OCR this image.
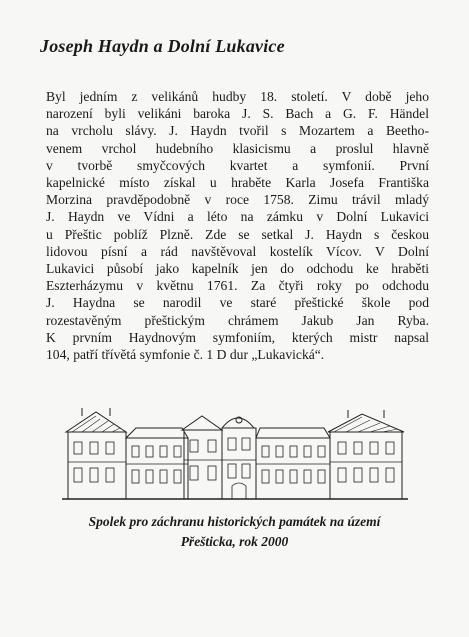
Joseph Haydn a Dolní Lukavice
Byl jedním z velikánů hudby 18. století. V době jeho
narození byli velikáni baroka J. S. Bach a G. F. Händel
na vrcholu slávy. J. Haydn tvořil s Mozartem a Beetho-
venem vrchol hudebního klasicismu a proslul hlavně
v tvorbě smyčcových kvartet a symfonií. První
kapelnické místo získal u hraběte Karla Josefa Františka
Morzina pravděpodobně v roce 1758. Zimu trávil mladý
J. Haydn ve Vídni a léto na zámku v Dolní Lukavici
u Přeštic poblíž Plzně. Zde se setkal J. Haydn s českou
lidovou písní a rád navštěvoval kostelík Vícov. V Dolní
Lukavici působí jako kapelník jen do odchodu ke hraběti
Eszterházymu v květnu 1761. Za čtyři roky po odchodu
J. Haydna se narodil ve staré přeštické škole pod
rozestavěným přeštickým chrámem Jakub Jan Ryba.
K prvním Haydnovým symfoniím, kterých mistr napsal
104, patří třívětá symfonie č. 1 D dur „Lukavická“.
Spolek pro záchranu historických památek na území
Přešticka, rok 2000
